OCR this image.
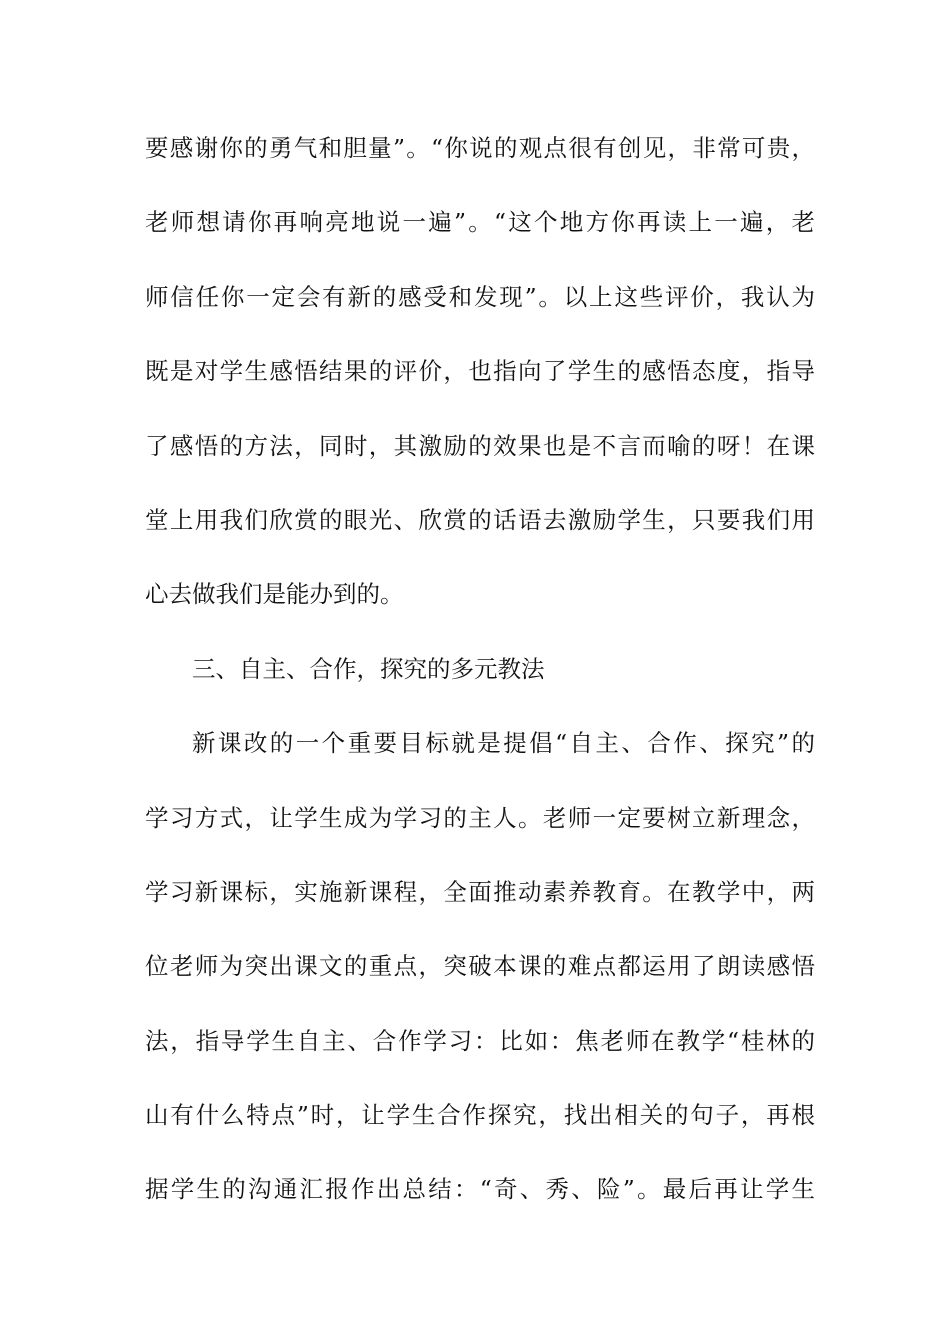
要感谢你的勇气和胆量”。“你说的观点很有创见，非常可贵，
老师想请你再响亮地说一遍”。“这个地方你再读上一遍，老
师信任你一定会有新的感受和发现”。以上这些评价，我认为
既是对学生感悟结果的评价，也指向了学生的感悟态度，指导
了感悟的方法，同时，其激励的效果也是不言而喻的呀！在课
堂上用我们欣赏的眼光、欣赏的话语去激励学生，只要我们用
心去做我们是能办到的。
三、自主、合作，探究的多元教法
新课改的一个重要目标就是提倡“自主、合作、探究”的
学习方式，让学生成为学习的主人。老师一定要树立新理念，
学习新课标，实施新课程，全面推动素养教育。在教学中，两
位老师为突出课文的重点，突破本课的难点都运用了朗读感悟
法，指导学生自主、合作学习：比如：焦老师在教学“桂林的
山有什么特点”时，让学生合作探究，找出相关的句子，再根
据学生的沟通汇报作出总结：“奇、秀、险”。最后再让学生
